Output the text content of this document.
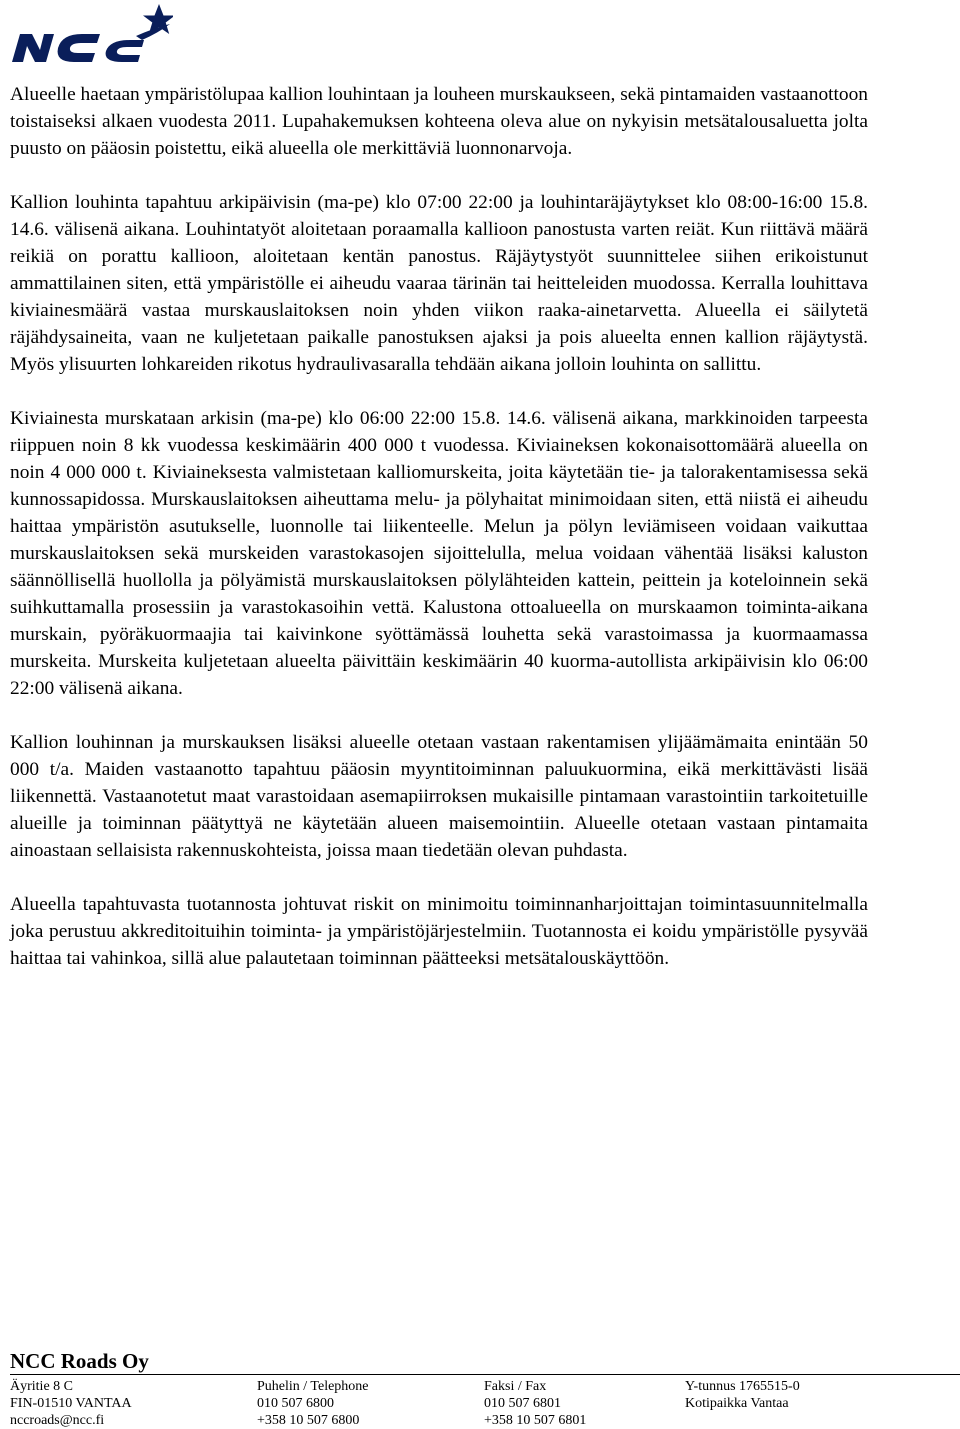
Alueelle haetaan ympäristölupaa kallion louhintaan ja louheen murskaukseen, sekä pintamaiden vastaanottoon toistaiseksi alkaen vuodesta 2011. Lupahakemuksen kohteena oleva alue on nykyisin metsätalousaluetta jolta puusto on pääosin poistettu, eikä alueella ole merkittäviä luonnonarvoja.

Kallion louhinta tapahtuu arkipäivisin (ma-pe) klo 07:00 22:00 ja louhintaräjäytykset klo 08:00-16:00 15.8. 14.6. välisenä aikana. Louhintatyöt aloitetaan poraamalla kallioon panostusta varten reiät. Kun riittävä määrä reikiä on porattu kallioon, aloitetaan kentän panostus. Räjäytystyöt suunnittelee siihen erikoistunut ammattilainen siten, että ympäristölle ei aiheudu vaaraa tärinän tai heitteleiden muodossa. Kerralla louhittava kiviainesmäärä vastaa murskauslaitoksen noin yhden viikon raaka-ainetarvetta. Alueella ei säilytetä räjähdysaineita, vaan ne kuljetetaan paikalle panostuksen ajaksi ja pois alueelta ennen kallion räjäytystä. Myös ylisuurten lohkareiden rikotus hydraulivasaralla tehdään aikana jolloin louhinta on sallittu.

Kiviainesta murskataan arkisin (ma-pe) klo 06:00 22:00 15.8. 14.6. välisenä aikana, markkinoiden tarpeesta riippuen noin 8 kk vuodessa keskimäärin 400 000 t vuodessa. Kiviaineksen kokonaisottomäärä alueella on noin 4 000 000 t. Kiviaineksesta valmistetaan kalliomurskeita, joita käytetään tie- ja talorakentamisessa sekä kunnossapidossa. Murskauslaitoksen aiheuttama melu- ja pölyhaitat minimoidaan siten, että niistä ei aiheudu haittaa ympäristön asutukselle, luonnolle tai liikenteelle. Melun ja pölyn leviämiseen voidaan vaikuttaa murskauslaitoksen sekä murskeiden varastokasojen sijoittelulla, melua voidaan vähentää lisäksi kaluston säännöllisellä huollolla ja pölyämistä murskauslaitoksen pölylähteiden kattein, peittein ja koteloinnein sekä suihkuttamalla prosessiin ja varastokasoihin vettä. Kalustona ottoalueella on murskaamon toiminta-aikana murskain, pyöräkuormaajia tai kaivinkone syöttämässä louhetta sekä varastoimassa ja kuormaamassa murskeita. Murskeita kuljetetaan alueelta päivittäin keskimäärin 40 kuorma-autollista arkipäivisin klo 06:00 22:00 välisenä aikana.

Kallion louhinnan ja murskauksen lisäksi alueelle otetaan vastaan rakentamisen ylijäämämaita enintään 50 000 t/a. Maiden vastaanotto tapahtuu pääosin myyntitoiminnan paluukuormina, eikä merkittävästi lisää liikennettä. Vastaanotetut maat varastoidaan asemapiirroksen mukaisille pintamaan varastointiin tarkoitetuille alueille ja toiminnan päätyttyä ne käytetään alueen maisemointiin. Alueelle otetaan vastaan pintamaita ainoastaan sellaisista rakennuskohteista, joissa maan tiedetään olevan puhdasta.

Alueella tapahtuvasta tuotannosta johtuvat riskit on minimoitu toiminnanharjoittajan toimintasuunnitelmalla joka perustuu akkreditoituihin toiminta- ja ympäristöjärjestelmiin. Tuotannosta ei koidu ympäristölle pysyvää haittaa tai vahinkoa, sillä alue palautetaan toiminnan päätteeksi metsätalouskäyttöön.

NCC Roads Oy
Äyritie 8 C
FIN-01510 VANTAA
nccroads@ncc.fi
Puhelin / Telephone
010 507 6800
+358 10 507 6800
Faksi / Fax
010 507 6801
+358 10 507 6801
Y-tunnus 1765515-0
Kotipaikka Vantaa
